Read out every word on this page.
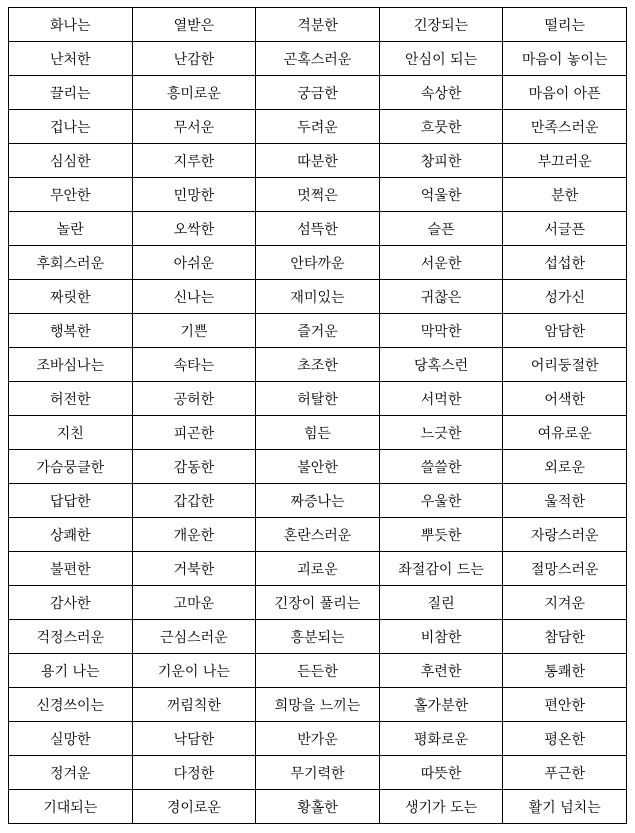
화나는	열받은	격분한	긴장되는	떨리는
난처한	난감한	곤혹스러운	안심이 되는	마음이 놓이는
끌리는	흥미로운	궁금한	속상한	마음이 아픈
겁나는	무서운	두려운	흐뭇한	만족스러운
심심한	지루한	따분한	창피한	부끄러운
무안한	민망한	멋쩍은	억울한	분한
놀란	오싹한	섬뜩한	슬픈	서글픈
후회스러운	아쉬운	안타까운	서운한	섭섭한
짜릿한	신나는	재미있는	귀찮은	성가신
행복한	기쁜	즐거운	막막한	암담한
조바심나는	속타는	초조한	당혹스런	어리둥절한
허전한	공허한	허탈한	서먹한	어색한
지친	피곤한	힘든	느긋한	여유로운
가슴뭉클한	감동한	불안한	쓸쓸한	외로운
답답한	갑갑한	짜증나는	우울한	울적한
상쾌한	개운한	혼란스러운	뿌듯한	자랑스러운
불편한	거북한	괴로운	좌절감이 드는	절망스러운
감사한	고마운	긴장이 풀리는	질린	지겨운
걱정스러운	근심스러운	흥분되는	비참한	참담한
용기 나는	기운이 나는	든든한	후련한	통쾌한
신경쓰이는	꺼림칙한	희망을 느끼는	홀가분한	편안한
실망한	낙담한	반가운	평화로운	평온한
정겨운	다정한	무기력한	따뜻한	푸근한
기대되는	경이로운	황홀한	생기가 도는	활기 넘치는
